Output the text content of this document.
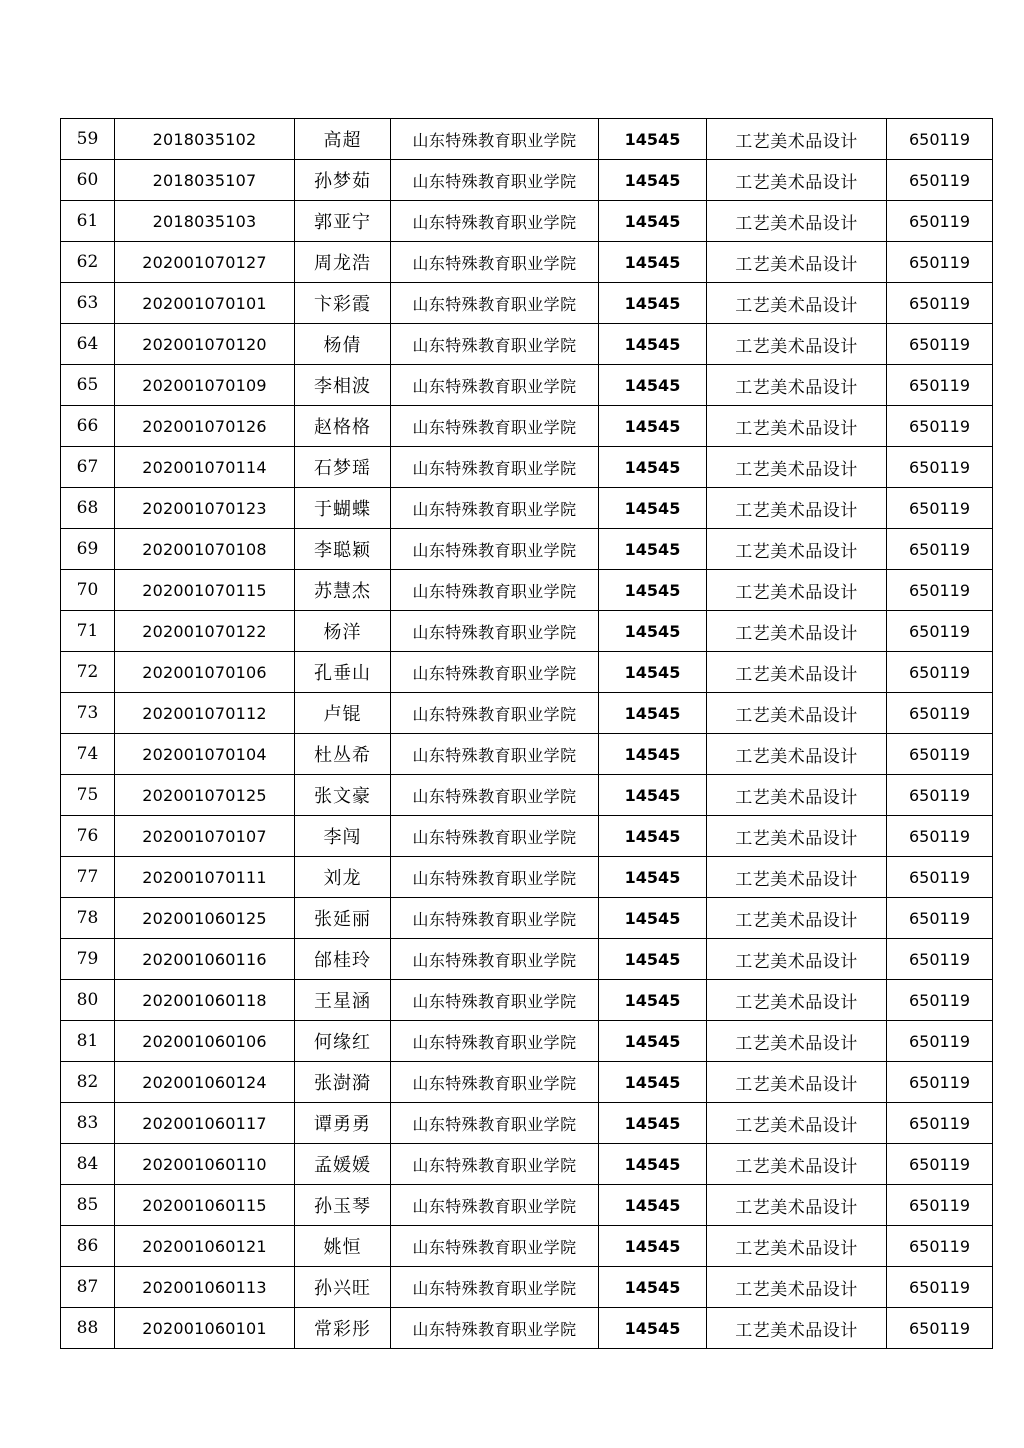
59	2018035102	高超	山东特殊教育职业学院	14545	工艺美术品设计	650119
60	2018035107	孙梦茹	山东特殊教育职业学院	14545	工艺美术品设计	650119
61	2018035103	郭亚宁	山东特殊教育职业学院	14545	工艺美术品设计	650119
62	202001070127	周龙浩	山东特殊教育职业学院	14545	工艺美术品设计	650119
63	202001070101	卞彩霞	山东特殊教育职业学院	14545	工艺美术品设计	650119
64	202001070120	杨倩	山东特殊教育职业学院	14545	工艺美术品设计	650119
65	202001070109	李相波	山东特殊教育职业学院	14545	工艺美术品设计	650119
66	202001070126	赵格格	山东特殊教育职业学院	14545	工艺美术品设计	650119
67	202001070114	石梦瑶	山东特殊教育职业学院	14545	工艺美术品设计	650119
68	202001070123	于蝴蝶	山东特殊教育职业学院	14545	工艺美术品设计	650119
69	202001070108	李聪颖	山东特殊教育职业学院	14545	工艺美术品设计	650119
70	202001070115	苏慧杰	山东特殊教育职业学院	14545	工艺美术品设计	650119
71	202001070122	杨洋	山东特殊教育职业学院	14545	工艺美术品设计	650119
72	202001070106	孔垂山	山东特殊教育职业学院	14545	工艺美术品设计	650119
73	202001070112	卢锟	山东特殊教育职业学院	14545	工艺美术品设计	650119
74	202001070104	杜丛希	山东特殊教育职业学院	14545	工艺美术品设计	650119
75	202001070125	张文豪	山东特殊教育职业学院	14545	工艺美术品设计	650119
76	202001070107	李闯	山东特殊教育职业学院	14545	工艺美术品设计	650119
77	202001070111	刘龙	山东特殊教育职业学院	14545	工艺美术品设计	650119
78	202001060125	张延丽	山东特殊教育职业学院	14545	工艺美术品设计	650119
79	202001060116	邰桂玲	山东特殊教育职业学院	14545	工艺美术品设计	650119
80	202001060118	王星涵	山东特殊教育职业学院	14545	工艺美术品设计	650119
81	202001060106	何缘红	山东特殊教育职业学院	14545	工艺美术品设计	650119
82	202001060124	张澍漪	山东特殊教育职业学院	14545	工艺美术品设计	650119
83	202001060117	谭勇勇	山东特殊教育职业学院	14545	工艺美术品设计	650119
84	202001060110	孟媛媛	山东特殊教育职业学院	14545	工艺美术品设计	650119
85	202001060115	孙玉琴	山东特殊教育职业学院	14545	工艺美术品设计	650119
86	202001060121	姚恒	山东特殊教育职业学院	14545	工艺美术品设计	650119
87	202001060113	孙兴旺	山东特殊教育职业学院	14545	工艺美术品设计	650119
88	202001060101	常彩彤	山东特殊教育职业学院	14545	工艺美术品设计	650119
